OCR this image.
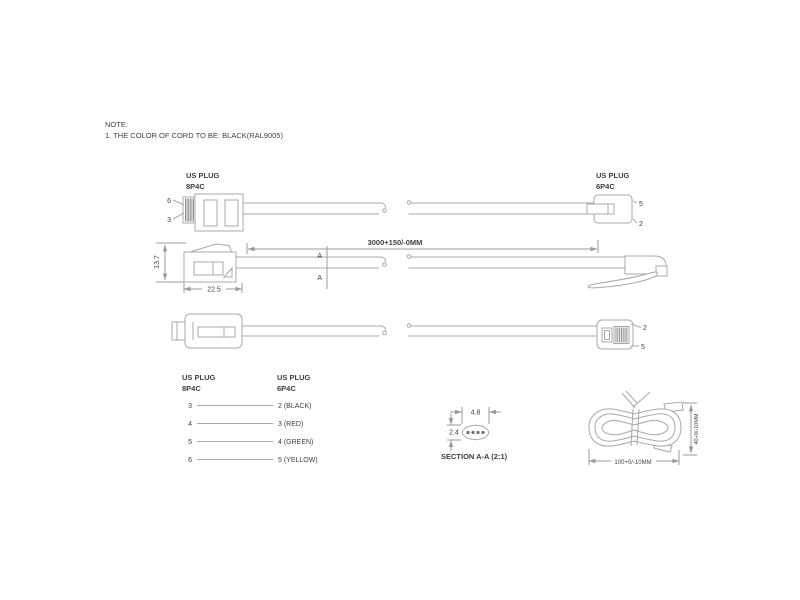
NOTE:
1. THE COLOR OF CORD TO BE: BLACK(RAL9005)
US PLUG
8P4C
6
3
US PLUG
6P4C
5
2
13.7
22.5
3000+150/-0MM
A
A
2
5
US PLUG
8P4C
US PLUG
6P4C
3	2 (BLACK)
4	3 (RED)
5	4 (GREEN)
6	5 (YELLOW)
4.8
2.4
SECTION A-A (2:1)
100+0/-10MM
40+0/-10MM
